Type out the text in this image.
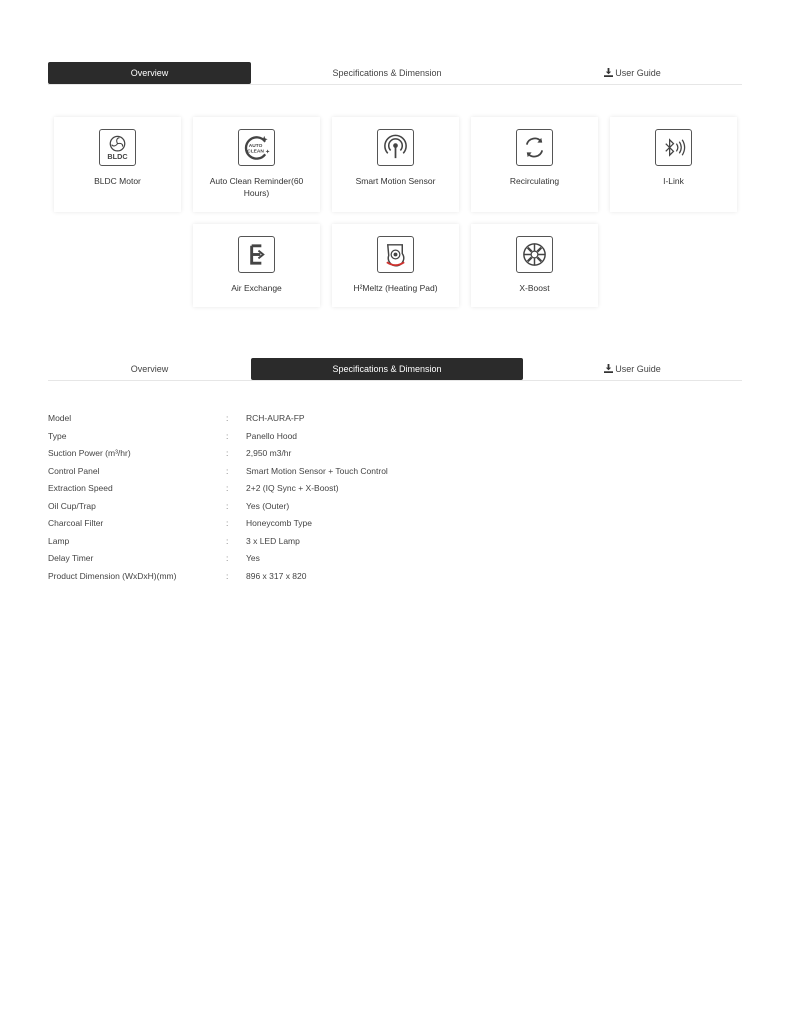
Overview	Specifications & Dimension	User Guide
BLDC
BLDC Motor
AUTO
CLEAN
Auto Clean Reminder(60 Hours)
Smart Motion Sensor	Recirculating	I-Link
Air Exchange	H²Meltz (Heating Pad)	X-Boost
Overview	Specifications & Dimension	User Guide
Model	: RCH-AURA-FP
Type	: Panello Hood
Suction Power (m³/hr)	: 2,950 m3/hr
Control Panel	: Smart Motion Sensor + Touch Control
Extraction Speed	: 2+2 (IQ Sync + X-Boost)
Oil Cup/Trap	: Yes (Outer)
Charcoal Filter	: Honeycomb Type
Lamp	: 3 x LED Lamp
Delay Timer	: Yes
Product Dimension (WxDxH)(mm)	: 896 x 317 x 820
